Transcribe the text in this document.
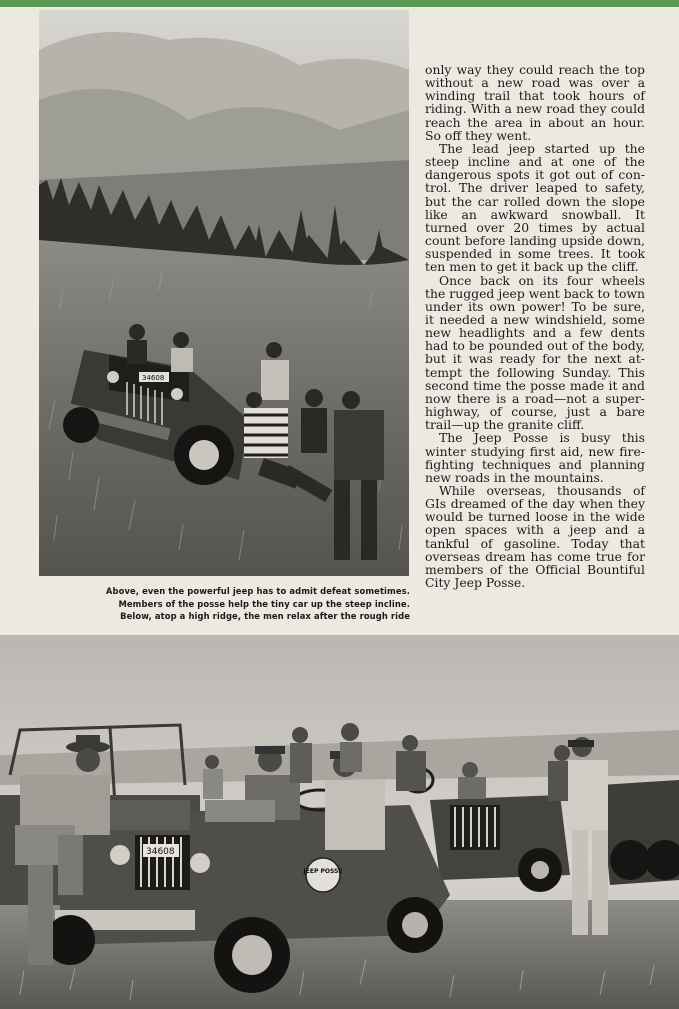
34608
Above, even the powerful jeep has to admit defeat sometimes.
Members of the posse help the tiny car up the steep incline.
Below, atop a high ridge, the men relax after the rough ride
only way they could reach the top
without a new road was over a
winding trail that took hours of
riding. With a new road they could
reach the area in about an hour.
So off they went.
The lead jeep started up the
steep incline and at one of the
dangerous spots it got out of con-
trol. The driver leaped to safety,
but the car rolled down the slope
like an awkward snowball. It
turned over 20 times by actual
count before landing upside down,
suspended in some trees. It took
ten men to get it back up the cliff.
Once back on its four wheels
the rugged jeep went back to town
under its own power! To be sure,
it needed a new windshield, some
new headlights and a few dents
had to be pounded out of the body,
but it was ready for the next at-
tempt the following Sunday. This
second time the posse made it and
now there is a road—not a super-
highway, of course, just a bare
trail—up the granite cliff.
The Jeep Posse is busy this
winter studying first aid, new fire-
fighting techniques and planning
new roads in the mountains.
While overseas, thousands of
GIs dreamed of the day when they
would be turned loose in the wide
open spaces with a jeep and a
tankful of gasoline. Today that
overseas dream has come true for
members of the Official Bountiful
City Jeep Posse.
34608
JEEP POSSE
